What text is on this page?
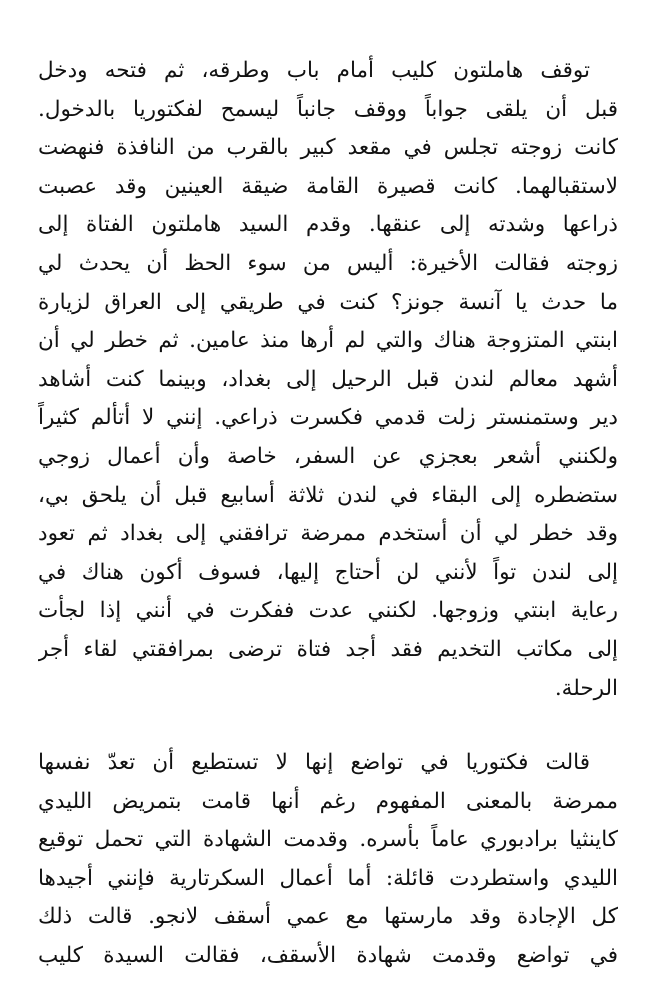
توقف هاملتون كليب أمام باب وطرقه، ثم فتحه ودخل
قبل أن يلقى جواباً ووقف جانباً ليسمح لفكتوريا بالدخول.
كانت زوجته تجلس في مقعد كبير بالقرب من النافذة فنهضت
لاستقبالهما. كانت قصيرة القامة ضيقة العينين وقد عصبت
ذراعها وشدته إلى عنقها. وقدم السيد هاملتون الفتاة إلى
زوجته فقالت الأخيرة: أليس من سوء الحظ أن يحدث لي
ما حدث يا آنسة جونز؟ كنت في طريقي إلى العراق لزيارة
ابنتي المتزوجة هناك والتي لم أرها منذ عامين. ثم خطر لي أن
أشهد معالم لندن قبل الرحيل إلى بغداد، وبينما كنت أشاهد
دير وستمنستر زلت قدمي فكسرت ذراعي. إنني لا أتألم كثيراً
ولكنني أشعر بعجزي عن السفر، خاصة وأن أعمال زوجي
ستضطره إلى البقاء في لندن ثلاثة أسابيع قبل أن يلحق بي،
وقد خطر لي أن أستخدم ممرضة ترافقني إلى بغداد ثم تعود
إلى لندن تواً لأنني لن أحتاج إليها، فسوف أكون هناك في
رعاية ابنتي وزوجها. لكنني عدت ففكرت في أنني إذا لجأت
إلى مكاتب التخديم فقد أجد فتاة ترضى بمرافقتي لقاء أجر
الرحلة.

قالت فكتوريا في تواضع إنها لا تستطيع أن تعدّ نفسها
ممرضة بالمعنى المفهوم رغم أنها قامت بتمريض الليدي
كاينثيا برادبوري عاماً بأسره. وقدمت الشهادة التي تحمل توقيع
الليدي واستطردت قائلة: أما أعمال السكرتارية فإنني أجيدها
كل الإجادة وقد مارستها مع عمي أسقف لانجو. قالت ذلك
في تواضع وقدمت شهادة الأسقف، فقالت السيدة كليب
